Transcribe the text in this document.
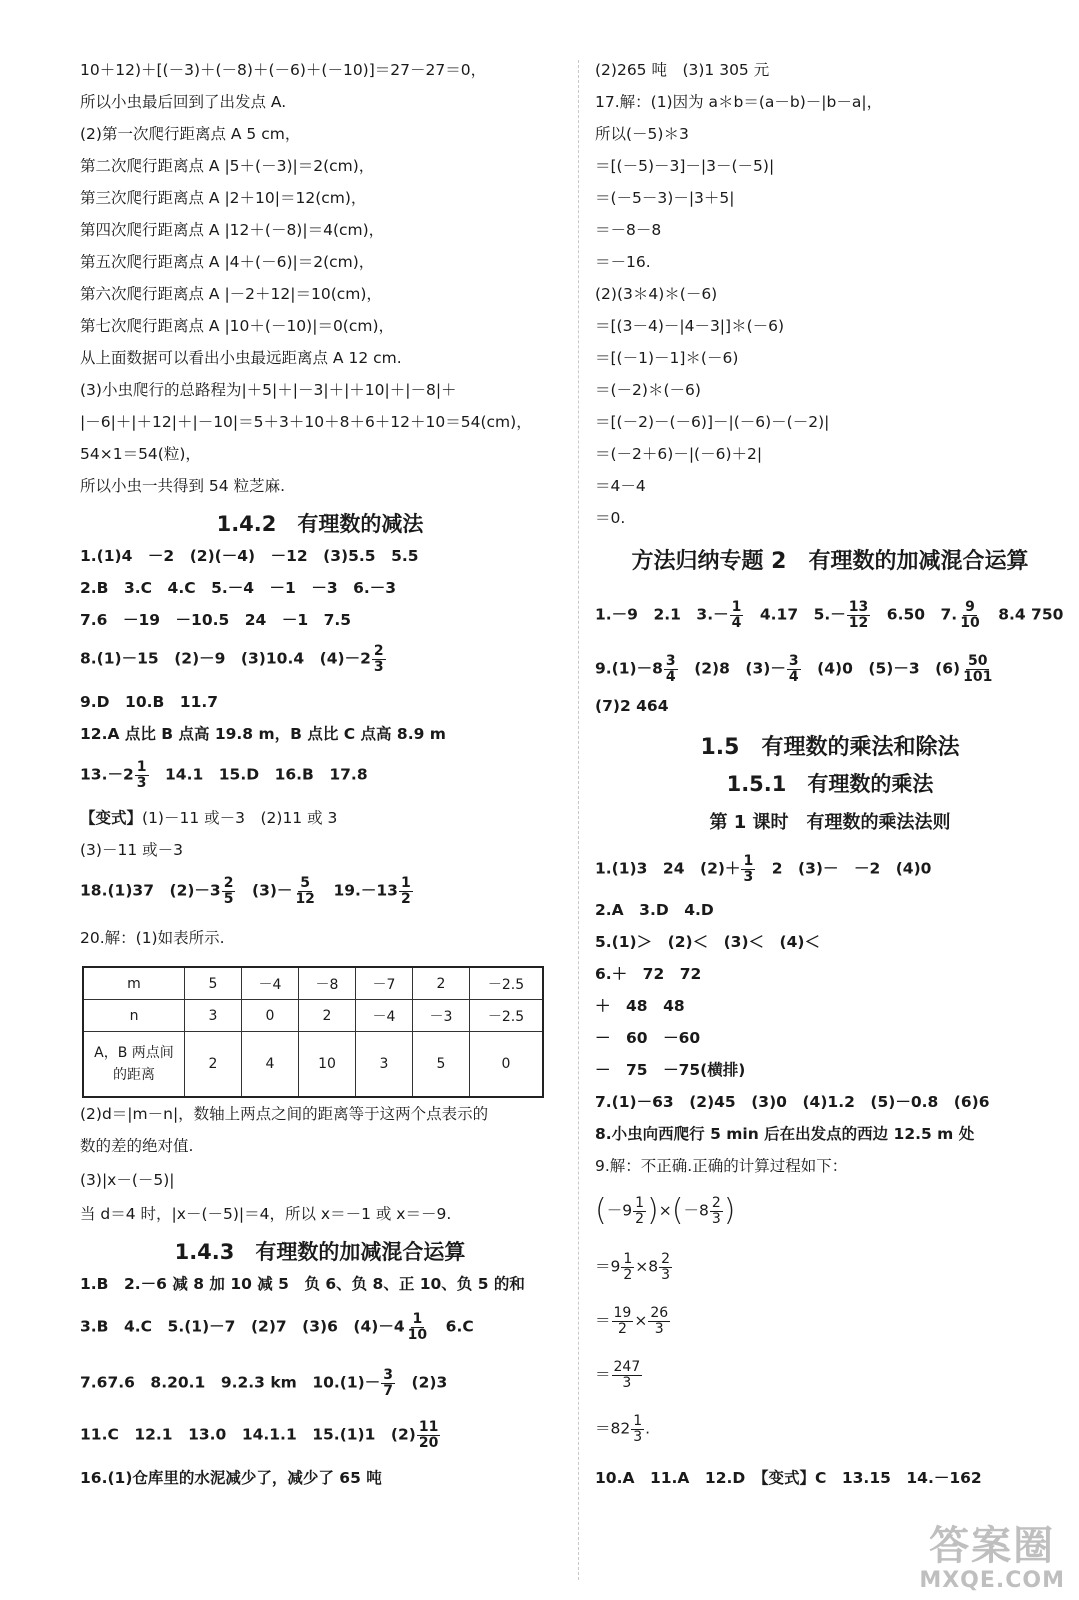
10＋12)＋[(－3)＋(－8)＋(－6)＋(－10)]＝27－27＝0，
所以小虫最后回到了出发点 A.
(2)第一次爬行距离点 A 5 cm，
第二次爬行距离点 A |5＋(－3)|＝2(cm)，
第三次爬行距离点 A |2＋10|＝12(cm)，
第四次爬行距离点 A |12＋(－8)|＝4(cm)，
第五次爬行距离点 A |4＋(－6)|＝2(cm)，
第六次爬行距离点 A |－2＋12|＝10(cm)，
第七次爬行距离点 A |10＋(－10)|＝0(cm)，
从上面数据可以看出小虫最远距离点 A 12 cm.
(3)小虫爬行的总路程为|＋5|＋|－3|＋|＋10|＋|－8|＋
|－6|＋|＋12|＋|－10|＝5＋3＋10＋8＋6＋12＋10＝54(cm)，
54×1＝54(粒)，
所以小虫一共得到 54 粒芝麻.
1.4.2　有理数的减法
1.(1)4　－2　(2)(－4)　－12　(3)5.5　5.5
2.B　3.C　4.C　5.－4　－1　－3　6.－3
7.6　－19　－10.5　24　－1　7.5
8.(1)－15　(2)－9　(3)10.4　$(4)-2 \frac{2}{3}$
9.D　10.B　11.7
12.A 点比 B 点高 19.8 m，B 点比 C 点高 8.9 m
$13.-2 \frac{1}{3}$
　 14.1　15.D　16.B　17.8
【变式】(1)－11 或－3　(2)11 或 3
(3)－11 或－3
18.(1)37　$(2)-3 \frac{2}{5}$
　 $(3)- \frac{5}{12}$
　 $19.-13 \frac{1}{2}$
20.解：(1)如表所示.
m	5	－4	－8	－7	2	－2.5
n	3	0	2	－4	－3	－2.5
A，B 两点间的距离	2	4	10	3	5	0
(2)d＝|m－n|，数轴上两点之间的距离等于这两个点表示的
数的差的绝对值.
(3)|x－(－5)|
当 d＝4 时，|x－(－5)|＝4，所以 x＝－1 或 x＝－9.
1.4.3　有理数的加减混合运算
1.B　2.－6 减 8 加 10 减 5　负 6、负 8、正 10、负 5 的和
3.B　4.C　5.(1)－7　(2)7　(3)6　$(4)-4 \frac{1}{10}$
　 6.C
7.67.6　8.20.1　9.2.3 km　$10.(1)- \frac{3}{7}$
　 (2)3
11.C　12.1　13.0　14.1.1　15.(1)1　$(2) \frac{11}{20}$
16.(1)仓库里的水泥减少了，减少了 65 吨
(2)265 吨　(3)1 305 元
17.解：(1)因为 a＊b＝(a－b)－|b－a|，
所以(－5)＊3
＝[(－5)－3]－|3－(－5)|
＝(－5－3)－|3＋5|
＝－8－8
＝－16.
(2)(3＊4)＊(－6)
＝[(3－4)－|4－3|]＊(－6)
＝[(－1)－1]＊(－6)
＝(－2)＊(－6)
＝[(－2)－(－6)]－|(－6)－(－2)|
＝(－2＋6)－|(－6)＋2|
＝4－4
＝0.
方法归纳专题 2　有理数的加减混合运算
1.－9　2.1　$3.- \frac{1}{4}$
　 4.17　$5.- \frac{13}{12}$
　 6.50　7. $\frac{9}{10}$
　 8.4 750
$9.(1)-8 \frac{3}{4}$
　 (2)8　$(3)- \frac{3}{4}$
　 (4)0　(5)－3　$(6) \frac{50}{101}$
(7)2 464
1.5　有理数的乘法和除法
1.5.1　有理数的乘法
第 1 课时　有理数的乘法法则
1.(1)3　24　$(2)+ \frac{1}{3}$
　 2　(3)－　－2　(4)0
2.A　3.D　4.D
5.(1)＞　(2)＜　(3)＜　(4)＜
6.＋　72　72
＋　48　48
－　60　－60
－　75　－75(横排)
7.(1)－63　(2)45　(3)0　(4)1.2　(5)－0.8　(6)6
8.小虫向西爬行 5 min 后在出发点的西边 12.5 m 处
9.解：不正确.正确的计算过程如下：
$(-9 \frac{1}{2} )\times(-8 \frac{2}{3}$ )
$=9 \frac{1}{2} \times 8 \frac{2}{3}$
＝ $\frac{19}{2} \times \frac{26}{3}$
＝ $\frac{247}{3}$
$=82 \frac{1}{3}$ .
10.A　11.A　12.D　【变式】C　13.15　14.－162
答案圈
MXQE.COM
